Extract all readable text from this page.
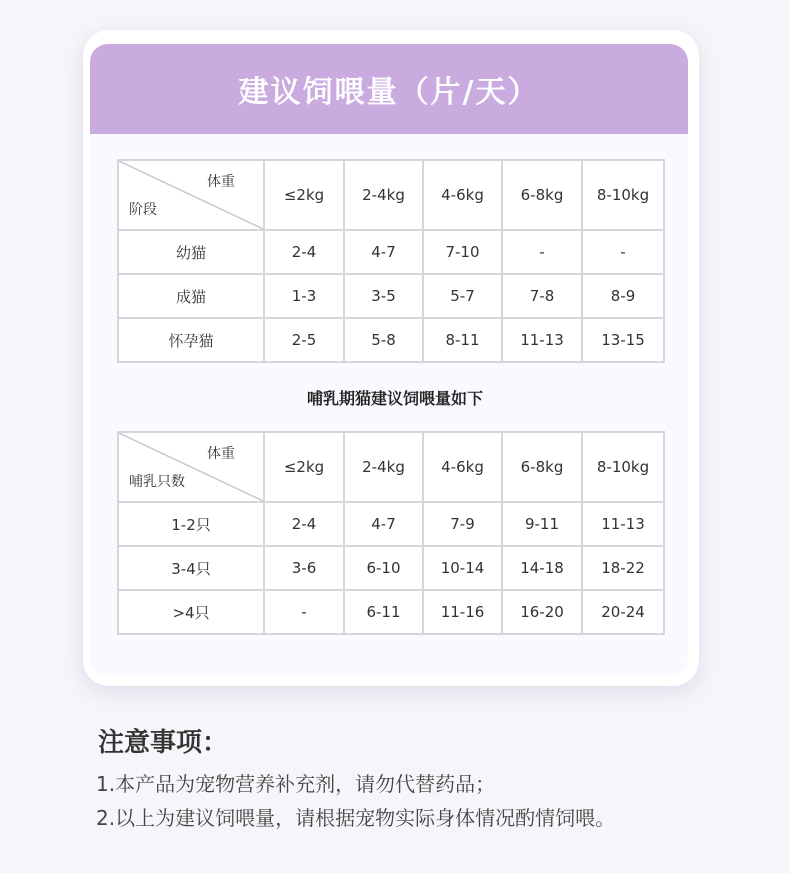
建议饲喂量（片/天）
体重
阶段	≤2kg	2-4kg	4-6kg	6-8kg	8-10kg
幼猫	2-4	4-7	7-10	-	-
成猫	1-3	3-5	5-7	7-8	8-9
怀孕猫	2-5	5-8	8-11	11-13	13-15
哺乳期猫建议饲喂量如下
体重
哺乳只数	≤2kg	2-4kg	4-6kg	6-8kg	8-10kg
1-2只	2-4	4-7	7-9	9-11	11-13
3-4只	3-6	6-10	10-14	14-18	18-22
>4只	-	6-11	11-16	16-20	20-24
注意事项：
1.本产品为宠物营养补充剂，请勿代替药品；
2.以上为建议饲喂量，请根据宠物实际身体情况酌情饲喂。
